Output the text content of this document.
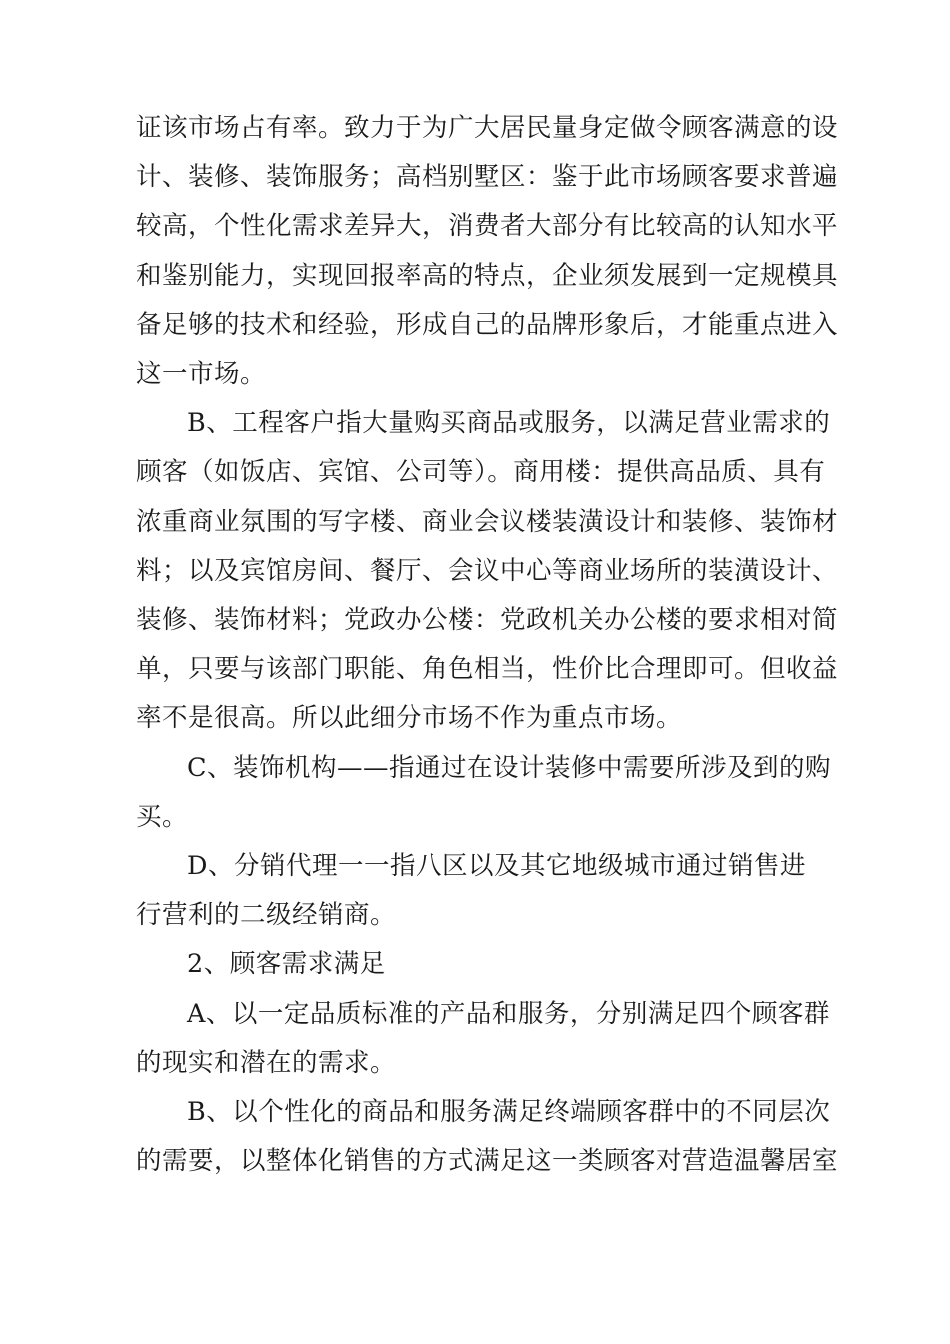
证该市场占有率。致力于为广大居民量身定做令顾客满意的设
计、装修、装饰服务；高档别墅区：鉴于此市场顾客要求普遍
较高，个性化需求差异大，消费者大部分有比较高的认知水平
和鉴别能力，实现回报率高的特点，企业须发展到一定规模具
备足够的技术和经验，形成自己的品牌形象后，才能重点进入
这一市场。

B、工程客户指大量购买商品或服务，以满足营业需求的
顾客（如饭店、宾馆、公司等）。商用楼：提供高品质、具有
浓重商业氛围的写字楼、商业会议楼装潢设计和装修、装饰材
料；以及宾馆房间、餐厅、会议中心等商业场所的装潢设计、
装修、装饰材料；党政办公楼：党政机关办公楼的要求相对简
单，只要与该部门职能、角色相当，性价比合理即可。但收益
率不是很高。所以此细分市场不作为重点市场。

C、装饰机构——指通过在设计装修中需要所涉及到的购
买。

D、分销代理一一指八区以及其它地级城市通过销售进
行营利的二级经销商。

2、顾客需求满足

A、以一定品质标准的产品和服务，分别满足四个顾客群
的现实和潜在的需求。

B、以个性化的商品和服务满足终端顾客群中的不同层次
的需要，以整体化销售的方式满足这一类顾客对营造温馨居室
